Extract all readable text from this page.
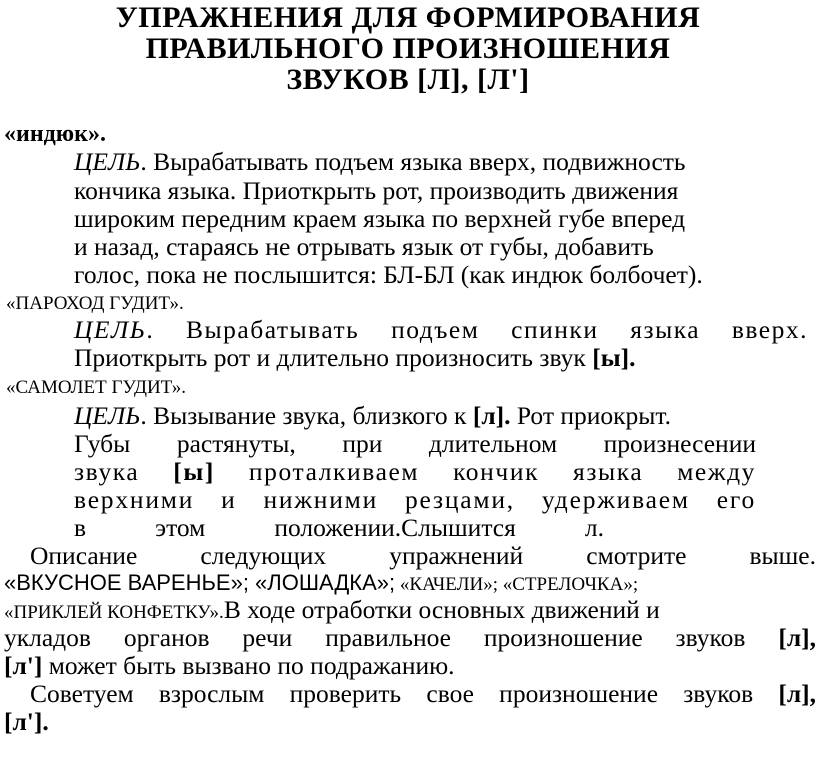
УПРАЖНЕНИЯ ДЛЯ ФОРМИРОВАНИЯ
ПРАВИЛЬНОГО ПРОИЗНОШЕНИЯ
ЗВУКОВ [Л], [Л']
«индюк».
ЦЕЛЬ. Вырабатывать подъем языка вверх, подвижность
кончика языка. Приоткрыть рот, производить движения
широким передним краем языка по верхней губе вперед
и назад, стараясь не отрывать язык от губы, добавить
голос, пока не послышится: БЛ-БЛ (как индюк болбочет).
«ПАРОХОД ГУДИТ».
ЦЕЛЬ. Вырабатывать подъем спинки языка вверх.
Приоткрыть рот и длительно произносить звук [ы].
«САМОЛЕТ ГУДИТ».
ЦЕЛЬ. Вызывание звука, близкого к [л]. Рот приокрыт.
Губы растянуты, при длительном произнесении
звука [ы] проталкиваем кончик языка между
верхними и нижними резцами, удерживаем его
в этом положении.Слышится л.
Описание следующих упражнений смотрите выше.
«ВКУСНОЕ ВАРЕНЬЕ»; «ЛОШАДКА»; «КАЧЕЛИ»; «СТРЕЛОЧКА»;
«ПРИКЛЕЙ КОНФЕТКУ».В ходе отработки основных движений и
укладов органов речи правильное произношение звуков [л],
[л'] может быть вызвано по подражанию.
Советуем взрослым проверить свое произношение звуков [л],
[л'].
